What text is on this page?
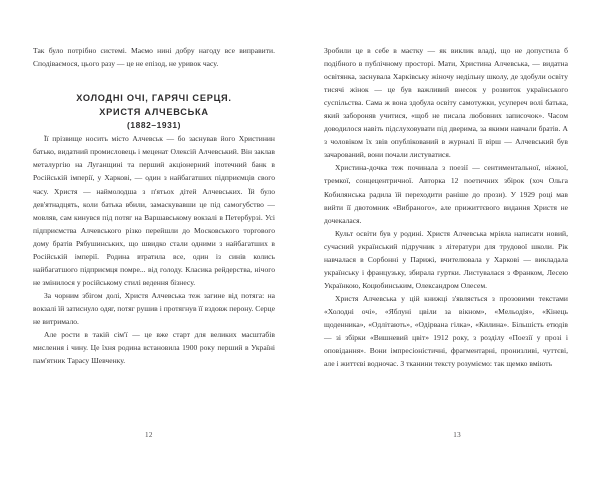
Так було потрібно системі. Маємо нині добру нагоду все виправити. Сподіваємося, цього разу — це не епізод, не уривок часу.

ХОЛОДНІ ОЧІ, ГАРЯЧІ СЕРЦЯ.
ХРИСТЯ АЛЧЕВСЬКА
(1882–1931)

Її прізвище носить місто Алчевськ — бо заснував його Христинин батько, видатний промисловець і меценат Олексій Алчевський. Він заклав металургію на Луганщині та перший акціонерний іпотечний банк в Російській імперії, у Харкові, — один з найбагатших підприємців свого часу. Христя — наймолодша з п'ятьох дітей Алчевських. Їй було дев'ятнадцять, коли батька вбили, замаскувавши це під самогубство — мовляв, сам кинувся під потяг на Варшавському вокзалі в Петербурзі. Усі підприємства Алчевського різко перейшли до Московського торгового дому братів Рябушинських, що швидко стали одними з найбагатших в Російській імперії. Родина втратила все, один із синів колись найбагатшого підприємця помре... від голоду. Класика рейдерства, нічого не змінилося у російському стилі ведення бізнесу.

За чорним збігом долі, Христя Алчевська теж загине від потяга: на вокзалі їй затиснуло одяг, потяг рушив і протягнув її вздовж перону. Серце не витримало.

Але рости в такій сім'ї — це вже старт для великих масштабів мислення і чину. Це їхня родина встановила 1900 року перший в Україні пам'ятник Тарасу Шевченку.

12

Зробили це в себе в маєтку — як виклик владі, що не допустила б подібного в публічному просторі. Мати, Христина Алчевська, — видатна освітянка, заснувала Харківську жіночу недільну школу, де здобули освіту тисячі жінок — це був важливий внесок у розвиток українського суспільства. Сама ж вона здобула освіту самотужки, усупереч волі батька, який забороняв учитися, «щоб не писала любовних записочок». Часом доводилося навіть підслуховувати під дверима, за якими навчали братів. А з чоловіком їх звів опублікований в журналі її вірш — Алчевський був зачарований, вони почали листуватися.

Христина-дочка теж починала з поезії — сентиментальної, ніжної, тремкої, сонцецентричної. Авторка 12 поетичних збірок (хоч Ольга Кобилянська радила їй переходити раніше до прози). У 1929 році мав вийти її двотомник «Вибраного», але прижиттєвого видання Христя не дочекалася.

Культ освіти був у родині. Христя Алчевська мріяла написати новий, сучасний український підручник з літератури для трудової школи. Рік навчалася в Сорбонні у Парижі, вчителювала у Харкові — викладала українську і французьку, збирала гуртки. Листувалася з Франком, Лесею Українкою, Коцюбинським, Олександром Олесем.

Христя Алчевська у цій книжці з'являється з прозовими текстами «Холодні очі», «Яблуні цвіли за вікном», «Мельодія», «Кінець щоденника», «Одлітають», «Одірвана гілка», «Килина». Більшість етюдів — зі збірки «Вишневий цвіт» 1912 року, з розділу «Поезії у прозі і оповідання». Вони імпресіоністичні, фрагментарні, пронизливі, чуттєві, але і життєві водночас. З тканини тексту розуміємо: так щемко вміють

13
